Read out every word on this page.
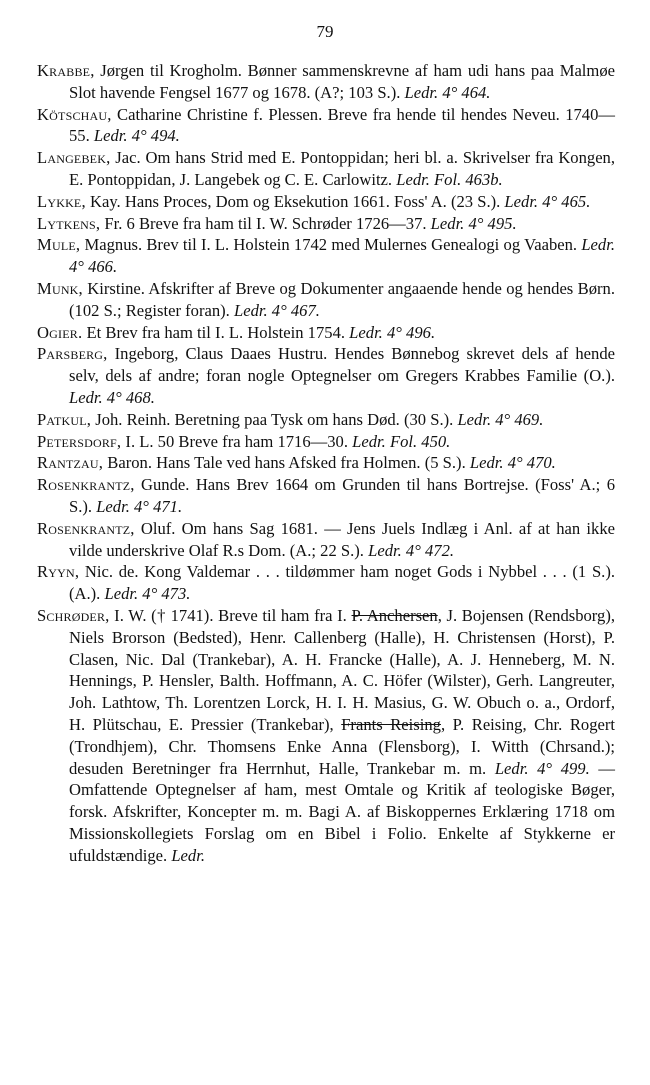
79

Krabbe, Jørgen til Krogholm. Bønner sammenskrevne af ham udi hans paa Malmøe Slot havende Fengsel 1677 og 1678. (A?; 103 S.). Ledr. 4° 464.

Kötschau, Catharine Christine f. Plessen. Breve fra hende til hendes Neveu. 1740—55. Ledr. 4° 494.

Langebek, Jac. Om hans Strid med E. Pontoppidan; heri bl. a. Skrivelser fra Kongen, E. Pontoppidan, J. Langebek og C. E. Carlowitz. Ledr. Fol. 463b.

Lykke, Kay. Hans Proces, Dom og Eksekution 1661. Foss' A. (23 S.). Ledr. 4° 465.

Lytkens, Fr. 6 Breve fra ham til I. W. Schrøder 1726—37. Ledr. 4° 495.

Mule, Magnus. Brev til I. L. Holstein 1742 med Mulernes Genealogi og Vaaben. Ledr. 4° 466.

Munk, Kirstine. Afskrifter af Breve og Dokumenter angaaende hende og hendes Børn. (102 S.; Register foran). Ledr. 4° 467.

Ogier. Et Brev fra ham til I. L. Holstein 1754. Ledr. 4° 496.

Parsberg, Ingeborg, Claus Daaes Hustru. Hendes Bønnebog skrevet dels af hende selv, dels af andre; foran nogle Optegnelser om Gregers Krabbes Familie (O.). Ledr. 4° 468.

Patkul, Joh. Reinh. Beretning paa Tysk om hans Død. (30 S.). Ledr. 4° 469.

Petersdorf, I. L. 50 Breve fra ham 1716—30. Ledr. Fol. 450.

Rantzau, Baron. Hans Tale ved hans Afsked fra Holmen. (5 S.). Ledr. 4° 470.

Rosenkrantz, Gunde. Hans Brev 1664 om Grunden til hans Bortrejse. (Foss' A.; 6 S.). Ledr. 4° 471.

Rosenkrantz, Oluf. Om hans Sag 1681. — Jens Juels Indlæg i Anl. af at han ikke vilde underskrive Olaf R.s Dom. (A.; 22 S.). Ledr. 4° 472.

Ryyn, Nic. de. Kong Valdemar . . . tildømmer ham noget Gods i Nybbel . . . (1 S.). (A.). Ledr. 4° 473.

Schrøder, I. W. († 1741). Breve til ham fra I. P. Anchersen, J. Bojensen (Rendsborg), Niels Brorson (Bedsted), Henr. Callenberg (Halle), H. Christensen (Horst), P. Clasen, Nic. Dal (Trankebar), A. H. Francke (Halle), A. J. Henneberg, M. N. Hennings, P. Hensler, Balth. Hoffmann, A. C. Höfer (Wilster), Gerh. Langreuter, Joh. Lathtow, Th. Lorentzen Lorck, H. I. H. Masius, G. W. Obuch o. a., Ordorf, H. Plütschau, E. Pressier (Trankebar), Frants Reising, P. Reising, Chr. Rogert (Trondhjem), Chr. Thomsens Enke Anna (Flensborg), I. Witth (Chrsand.); desuden Beretninger fra Herrnhut, Halle, Trankebar m. m. Ledr. 4° 499. — Omfattende Optegnelser af ham, mest Omtale og Kritik af teologiske Bøger, forsk. Afskrifter, Koncepter m. m. Bagi A. af Biskoppernes Erklæring 1718 om Missionskollegiets Forslag om en Bibel i Folio. Enkelte af Stykkerne er ufuldstændige. Ledr.
